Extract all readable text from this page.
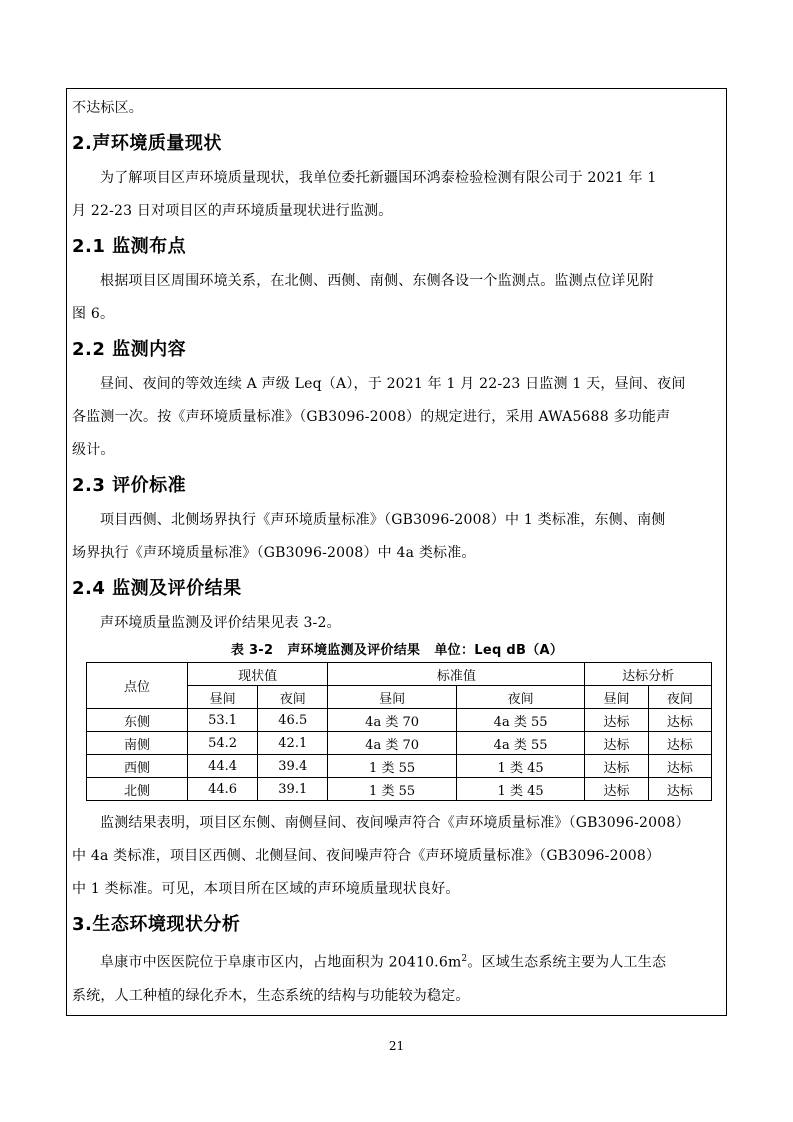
不达标区。

2.声环境质量现状

为了解项目区声环境质量现状，我单位委托新疆国环鸿泰检验检测有限公司于 2021 年 1

月 22-23 日对项目区的声环境质量现状进行监测。

2.1 监测布点

根据项目区周围环境关系，在北侧、西侧、南侧、东侧各设一个监测点。监测点位详见附

图 6。

2.2 监测内容

昼间、夜间的等效连续 A 声级 Leq（A），于 2021 年 1 月 22-23 日监测 1 天，昼间、夜间

各监测一次。按《声环境质量标准》（GB3096-2008）的规定进行，采用 AWA5688 多功能声

级计。

2.3 评价标准

项目西侧、北侧场界执行《声环境质量标准》（GB3096-2008）中 1 类标准，东侧、南侧

场界执行《声环境质量标准》（GB3096-2008）中 4a 类标准。

2.4 监测及评价结果

声环境质量监测及评价结果见表 3-2。

表 3-2 声环境监测及评价结果 单位：Leq dB（A）

点位	现状值		标准值		达标分析	
	昼间	夜间	昼间	夜间	昼间	夜间
东侧	53.1	46.5	4a 类 70	4a 类 55	达标	达标
南侧	54.2	42.1	4a 类 70	4a 类 55	达标	达标
西侧	44.4	39.4	1 类 55	1 类 45	达标	达标
北侧	44.6	39.1	1 类 55	1 类 45	达标	达标

监测结果表明，项目区东侧、南侧昼间、夜间噪声符合《声环境质量标准》（GB3096-2008）

中 4a 类标准，项目区西侧、北侧昼间、夜间噪声符合《声环境质量标准》（GB3096-2008）

中 1 类标准。可见，本项目所在区域的声环境质量现状良好。

3.生态环境现状分析

阜康市中医医院位于阜康市区内，占地面积为 $20410.6m^2$。区域生态系统主要为人工生态

系统，人工种植的绿化乔木，生态系统的结构与功能较为稳定。

21
